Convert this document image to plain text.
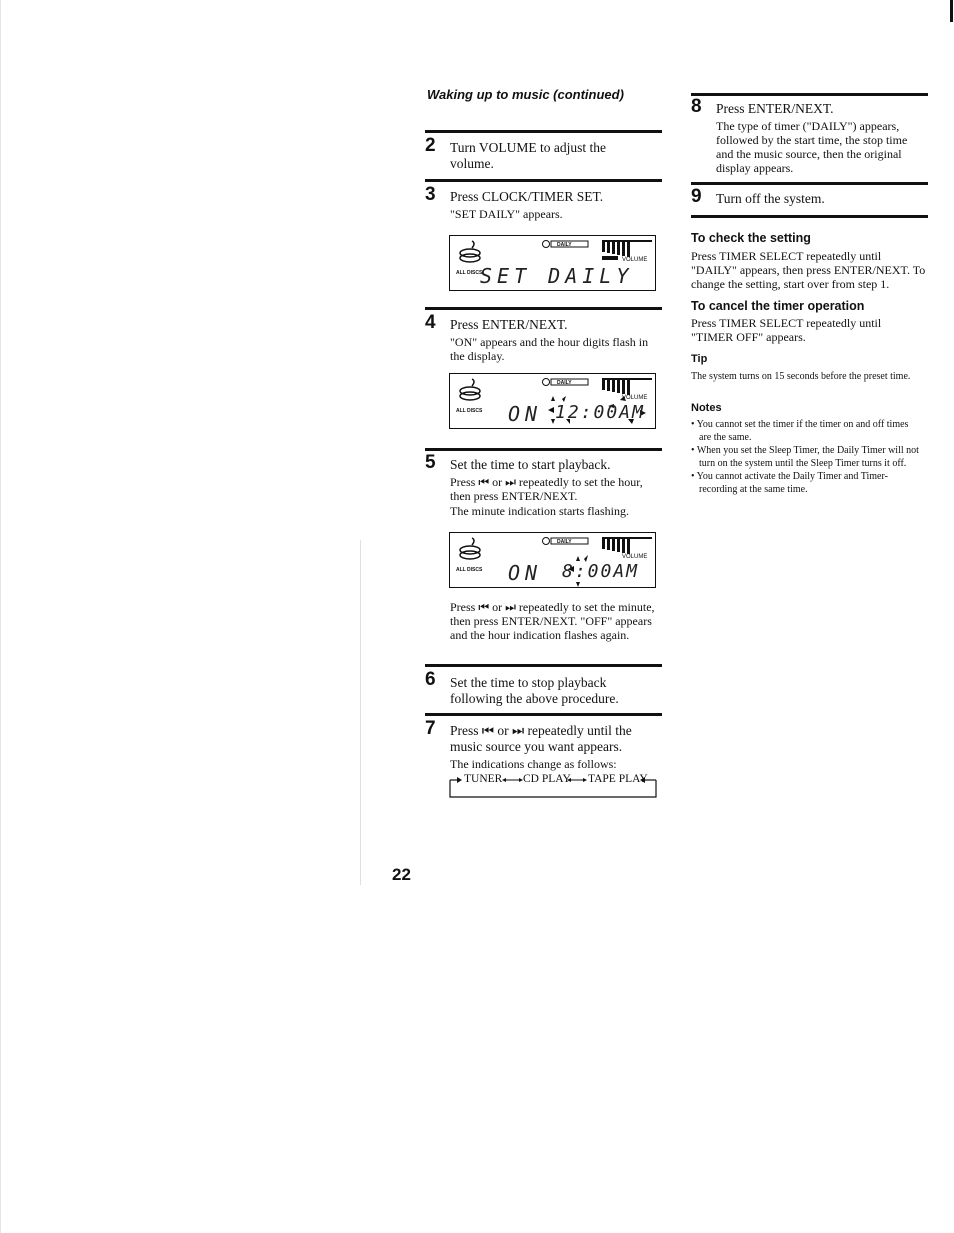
Waking up to music (continued)
2 Turn VOLUME to adjust the volume.
3 Press CLOCK/TIMER SET.
"SET DAILY" appears.
ALL DISCS
VOLUME
DAILY
SET DAILY
4 Press ENTER/NEXT.
"ON" appears and the hour digits flash in the display.
ALL DISCS
VOLUME
DAILY
ON 12:00AM
5 Set the time to start playback.
Press ⏮ or ⏭ repeatedly to set the hour, then press ENTER/NEXT.
The minute indication starts flashing.
ALL DISCS
VOLUME
DAILY
ON 8:00AM
Press ⏮ or ⏭ repeatedly to set the minute, then press ENTER/NEXT. "OFF" appears and the hour indication flashes again.
6 Set the time to stop playback following the above procedure.
7 Press ⏮ or ⏭ repeatedly until the music source you want appears.
The indications change as follows:
TUNER CD PLAY TAPE PLAY
22
8 Press ENTER/NEXT.
The type of timer ("DAILY") appears, followed by the start time, the stop time and the music source, then the original display appears.
9 Turn off the system.
To check the setting
Press TIMER SELECT repeatedly until "DAILY" appears, then press ENTER/NEXT. To change the setting, start over from step 1.
To cancel the timer operation
Press TIMER SELECT repeatedly until "TIMER OFF" appears.
Tip
The system turns on 15 seconds before the preset time.
Notes
• You cannot set the timer if the timer on and off times are the same.
• When you set the Sleep Timer, the Daily Timer will not turn on the system until the Sleep Timer turns it off.
• You cannot activate the Daily Timer and Timer-recording at the same time.
